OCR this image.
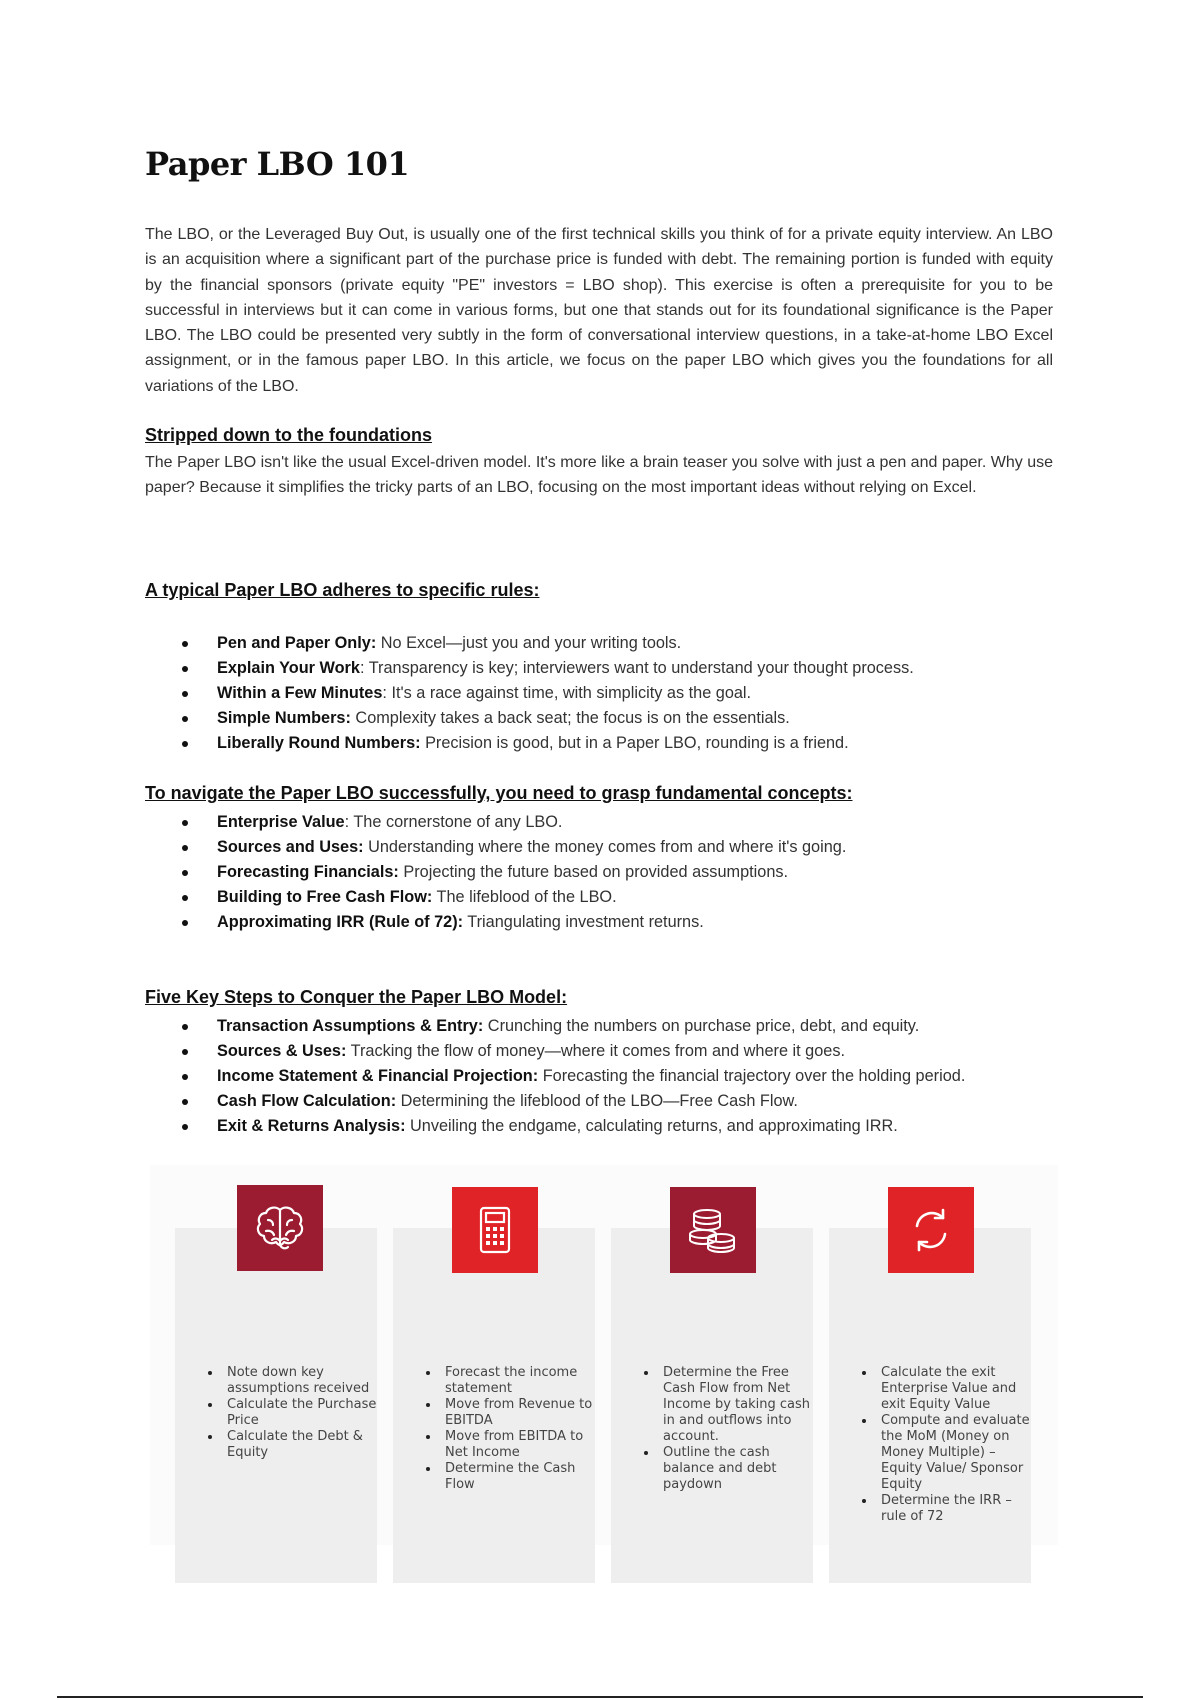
Paper LBO 101

The LBO, or the Leveraged Buy Out, is usually one of the first technical skills you think of for a private equity interview. An LBO is an acquisition where a significant part of the purchase price is funded with debt. The remaining portion is funded with equity by the financial sponsors (private equity "PE" investors = LBO shop). This exercise is often a prerequisite for you to be successful in interviews but it can come in various forms, but one that stands out for its foundational significance is the Paper LBO. The LBO could be presented very subtly in the form of conversational interview questions, in a take-at-home LBO Excel assignment, or in the famous paper LBO. In this article, we focus on the paper LBO which gives you the foundations for all variations of the LBO.

Stripped down to the foundations

The Paper LBO isn't like the usual Excel-driven model. It's more like a brain teaser you solve with just a pen and paper. Why use paper? Because it simplifies the tricky parts of an LBO, focusing on the most important ideas without relying on Excel.

A typical Paper LBO adheres to specific rules:
Pen and Paper Only: No Excel—just you and your writing tools.
Explain Your Work: Transparency is key; interviewers want to understand your thought process.
Within a Few Minutes: It's a race against time, with simplicity as the goal.
Simple Numbers: Complexity takes a back seat; the focus is on the essentials.
Liberally Round Numbers: Precision is good, but in a Paper LBO, rounding is a friend.
To navigate the Paper LBO successfully, you need to grasp fundamental concepts:
Enterprise Value: The cornerstone of any LBO.
Sources and Uses: Understanding where the money comes from and where it's going.
Forecasting Financials: Projecting the future based on provided assumptions.
Building to Free Cash Flow: The lifeblood of the LBO.
Approximating IRR (Rule of 72): Triangulating investment returns.
Five Key Steps to Conquer the Paper LBO Model:
Transaction Assumptions & Entry: Crunching the numbers on purchase price, debt, and equity.
Sources & Uses: Tracking the flow of money—where it comes from and where it goes.
Income Statement & Financial Projection: Forecasting the financial trajectory over the holding period.
Cash Flow Calculation: Determining the lifeblood of the LBO—Free Cash Flow.
Exit & Returns Analysis: Unveiling the endgame, calculating returns, and approximating IRR.
Note down key assumptions received
Calculate the Purchase Price
Calculate the Debt & Equity
Forecast the income statement
Move from Revenue to EBITDA
Move from EBITDA to Net Income
Determine the Cash Flow
Determine the Free Cash Flow from Net Income by taking cash in and outflows into account.
Outline the cash balance and debt paydown
Calculate the exit Enterprise Value and exit Equity Value
Compute and evaluate the MoM (Money on Money Multiple) – Equity Value/ Sponsor Equity
Determine the IRR – rule of 72
